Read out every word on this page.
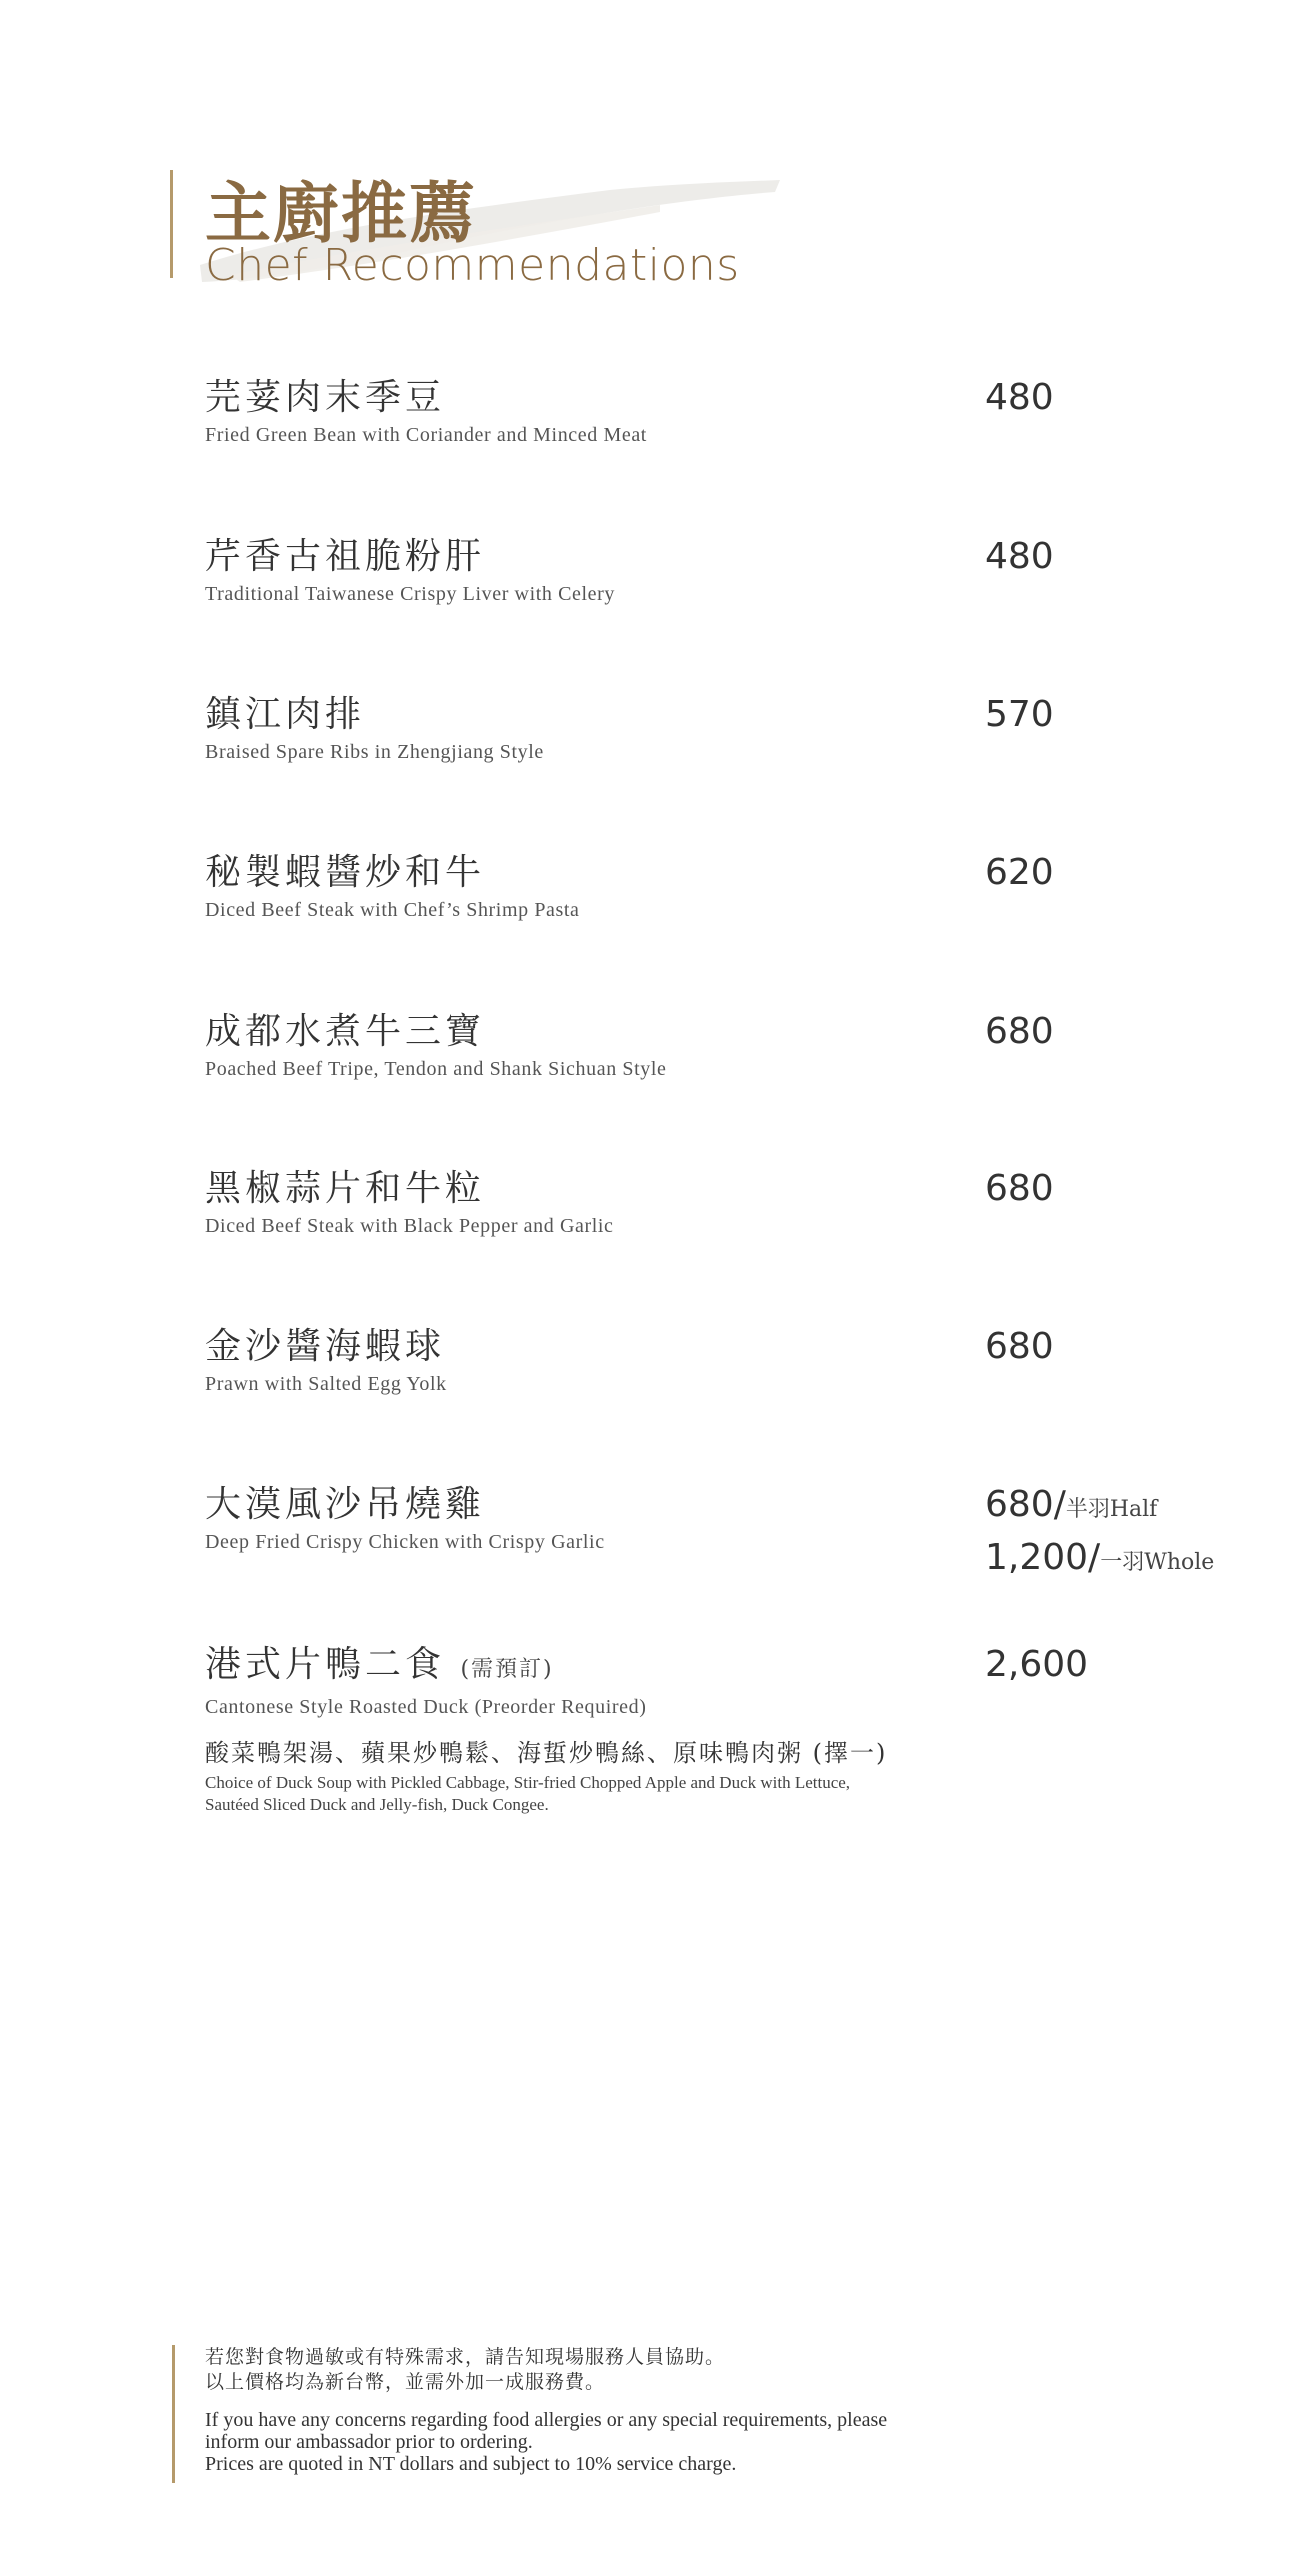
主廚推薦
Chef Recommendations
芫荽肉末季豆
Fried Green Bean with Coriander and Minced Meat
480
芹香古祖脆粉肝
Traditional Taiwanese Crispy Liver with Celery
480
鎮江肉排
Braised Spare Ribs in Zhengjiang Style
570
秘製蝦醬炒和牛
Diced Beef Steak with Chef’s Shrimp Pasta
620
成都水煮牛三寶
Poached Beef Tripe, Tendon and Shank Sichuan Style
680
黑椒蒜片和牛粒
Diced Beef Steak with Black Pepper and Garlic
680
金沙醬海蝦球
Prawn with Salted Egg Yolk
680
大漠風沙吊燒雞
Deep Fried Crispy Chicken with Crispy Garlic
680/半羽Half
1,200/一羽Whole
港式片鴨二食 (需預訂)
Cantonese Style Roasted Duck (Preorder Required)
酸菜鴨架湯、蘋果炒鴨鬆、海蜇炒鴨絲、原味鴨肉粥 (擇一)
Choice of Duck Soup with Pickled Cabbage, Stir-fried Chopped Apple and Duck with Lettuce, Sautéed Sliced Duck and Jelly-fish, Duck Congee.
2,600
若您對食物過敏或有特殊需求，請告知現場服務人員協助。
以上價格均為新台幣，並需外加一成服務費。
If you have any concerns regarding food allergies or any special requirements, please
inform our ambassador prior to ordering.
Prices are quoted in NT dollars and subject to 10% service charge.
